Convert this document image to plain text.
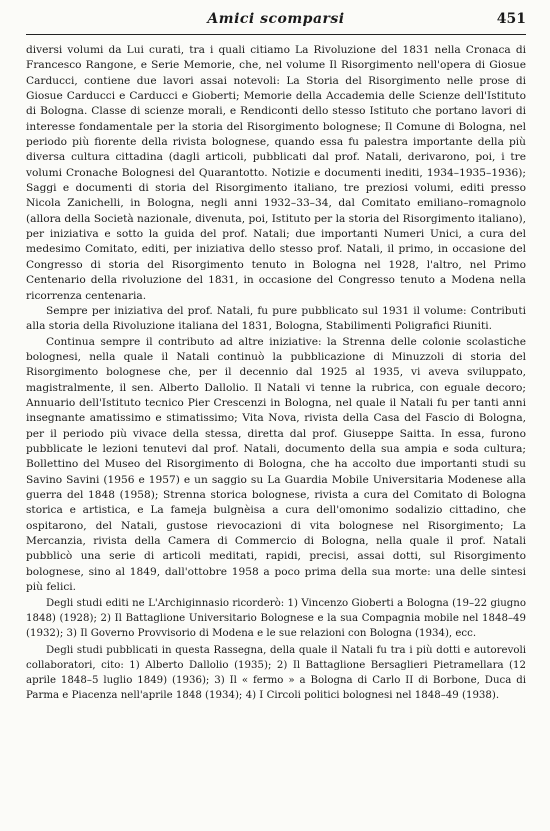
Amici scomparsi	451

diversi volumi da Lui curati, tra i quali citiamo La Rivoluzione del 1831 nella Cronaca di Francesco Rangone, e Serie Memorie, che, nel volume Il Risorgimento nell'opera di Giosue Carducci, contiene due lavori assai notevoli: La Storia del Risorgimento nelle prose di Giosue Carducci e Carducci e Gioberti; Memorie della Accademia delle Scienze dell'Istituto di Bologna. Classe di scienze morali, e Rendiconti dello stesso Istituto che portano lavori di interesse fondamentale per la storia del Risorgimento bolognese; Il Comune di Bologna, nel periodo più fiorente della rivista bolognese, quando essa fu palestra importante della più diversa cultura cittadina (dagli articoli, pubblicati dal prof. Natali, derivarono, poi, i tre volumi Cronache Bolognesi del Quarantotto. Notizie e documenti inediti, 1934–1935–1936); Saggi e documenti di storia del Risorgimento italiano, tre preziosi volumi, editi presso Nicola Zanichelli, in Bologna, negli anni 1932–33–34, dal Comitato emiliano–romagnolo (allora della Società nazionale, divenuta, poi, Istituto per la storia del Risorgimento italiano), per iniziativa e sotto la guida del prof. Natali; due importanti Numeri Unici, a cura del medesimo Comitato, editi, per iniziativa dello stesso prof. Natali, il primo, in occasione del Congresso di storia del Risorgimento tenuto in Bologna nel 1928, l'altro, nel Primo Centenario della rivoluzione del 1831, in occasione del Congresso tenuto a Modena nella ricorrenza centenaria.

Sempre per iniziativa del prof. Natali, fu pure pubblicato sul 1931 il volume: Contributi alla storia della Rivoluzione italiana del 1831, Bologna, Stabilimenti Poligrafici Riuniti.

Continua sempre il contributo ad altre iniziative: la Strenna delle colonie scolastiche bolognesi, nella quale il Natali continuò la pubblicazione di Minuzzoli di storia del Risorgimento bolognese che, per il decennio dal 1925 al 1935, vi aveva sviluppato, magistralmente, il sen. Alberto Dallolio. Il Natali vi tenne la rubrica, con eguale decoro; Annuario dell'Istituto tecnico Pier Crescenzi in Bologna, nel quale il Natali fu per tanti anni insegnante amatissimo e stimatissimo; Vita Nova, rivista della Casa del Fascio di Bologna, per il periodo più vivace della stessa, diretta dal prof. Giuseppe Saitta. In essa, furono pubblicate le lezioni tenutevi dal prof. Natali, documento della sua ampia e soda cultura; Bollettino del Museo del Risorgimento di Bologna, che ha accolto due importanti studi su Savino Savini (1956 e 1957) e un saggio su La Guardia Mobile Universitaria Modenese alla guerra del 1848 (1958); Strenna storica bolognese, rivista a cura del Comitato di Bologna storica e artistica, e La fameja bulgnèisa a cura dell'omonimo sodalizio cittadino, che ospitarono, del Natali, gustose rievocazioni di vita bolognese nel Risorgimento; La Mercanzia, rivista della Camera di Commercio di Bologna, nella quale il prof. Natali pubblicò una serie di articoli meditati, rapidi, precisi, assai dotti, sul Risorgimento bolognese, sino al 1849, dall'ottobre 1958 a poco prima della sua morte: una delle sintesi più felici.

Degli studi editi ne L'Archiginnasio ricorderò: 1) Vincenzo Gioberti a Bologna (19–22 giugno 1848) (1928); 2) Il Battaglione Universitario Bolognese e la sua Compagnia mobile nel 1848–49 (1932); 3) Il Governo Provvisorio di Modena e le sue relazioni con Bologna (1934), ecc.

Degli studi pubblicati in questa Rassegna, della quale il Natali fu tra i più dotti e autorevoli collaboratori, cito: 1) Alberto Dallolio (1935); 2) Il Battaglione Bersaglieri Pietramellara (12 aprile 1848–5 luglio 1849) (1936); 3) Il « fermo » a Bologna di Carlo II di Borbone, Duca di Parma e Piacenza nell'aprile 1848 (1934); 4) I Circoli politici bolognesi nel 1848–49 (1938).
